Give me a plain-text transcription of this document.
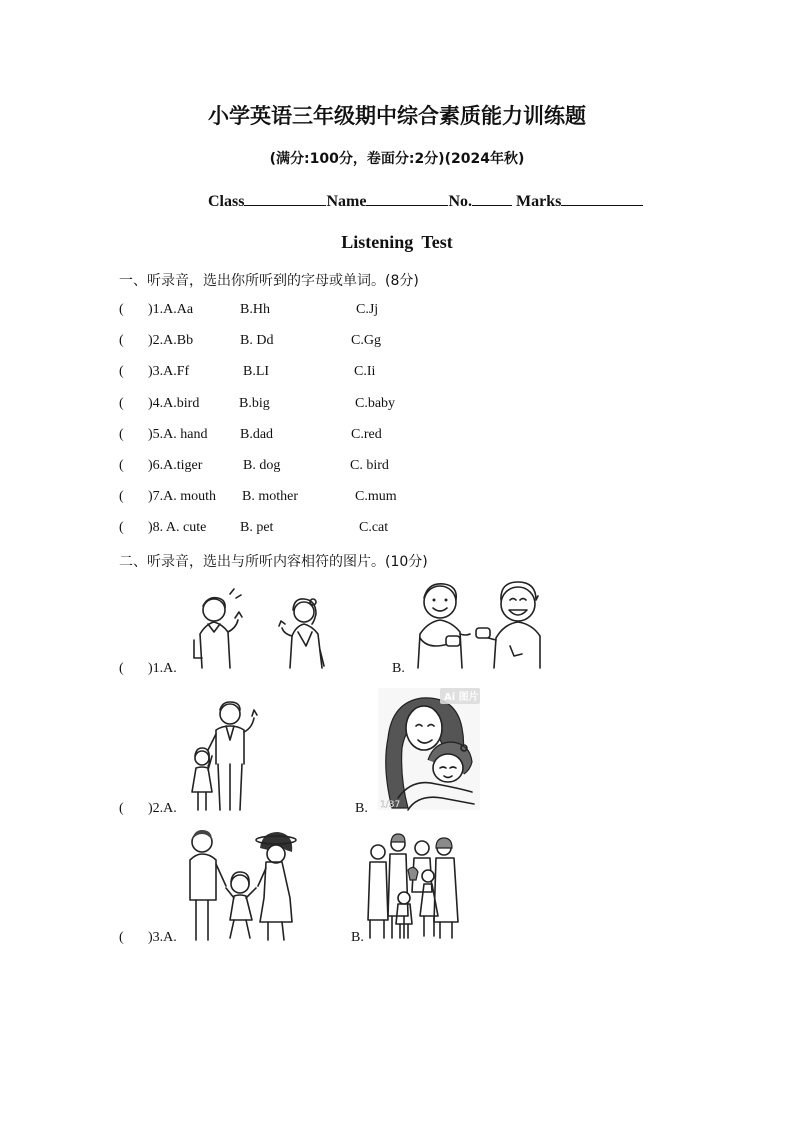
小学英语三年级期中综合素质能力训练题
(满分:100分，卷面分:2分)(2024年秋)
Class	Name	No.	Marks
Listening Test
一、听录音，选出你所听到的字母或单词。(8分)
( )1.A.Aa	B.Hh	C.Jj
( )2.A.Bb	B. Dd	C.Gg
( )3.A.Ff	B.LI	C.Ii
( )4.A.bird	B.big	C.baby
( )5.A. hand B.dad	C.red
( )6.A.tiger	B. dog	C. bird
( )7.A. mouth B. mother	C.mum
( )8. A. cute B. pet	C.cat
二、听录音，选出与所听内容相符的图片。(10分)
( )1.A.	B.
( )2.A.	B.
Ai 图片
1/37
( )3.A.	B.
